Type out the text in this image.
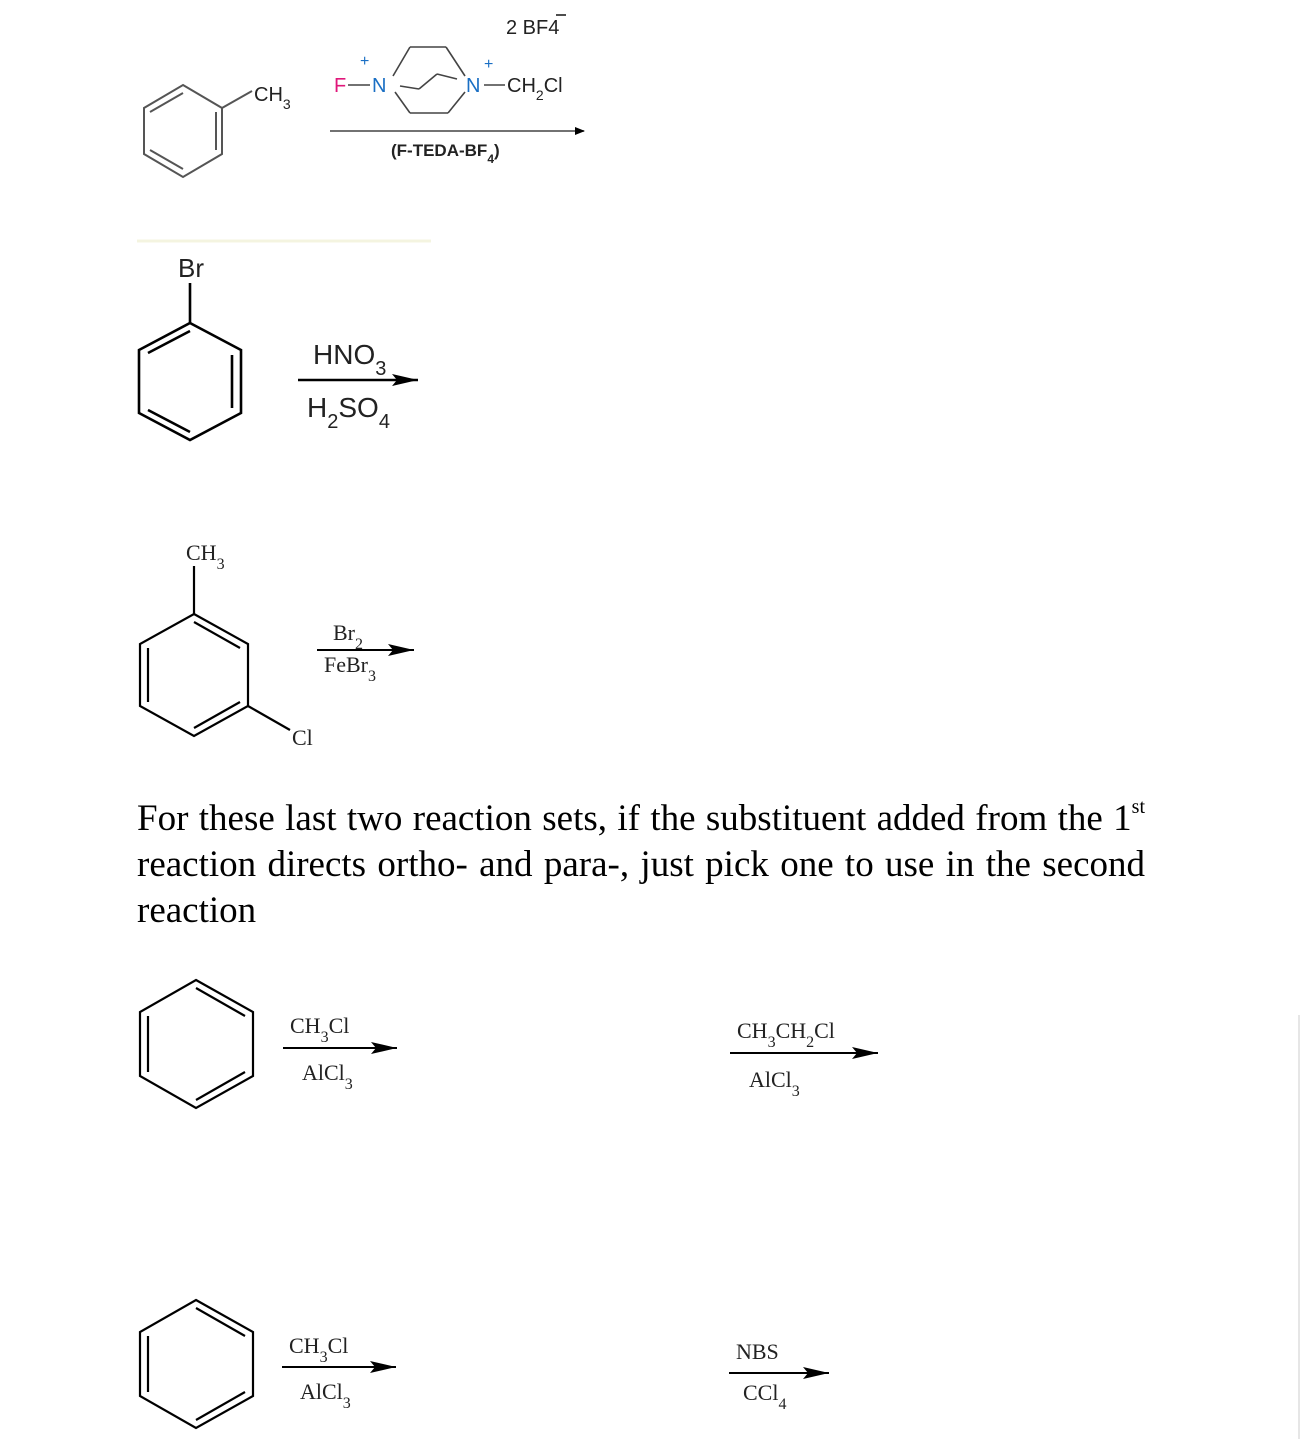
$CH_3$
+	+
F N	N $CH_2Cl$
2 BF4
$(F-TEDA-BF_4)$
Br
$HNO_3$
$H_2SO_4$
$CH_3$
Cl
$Br_2$
FeBr$_3$
$CH_3Cl$
AlCl$_3$
$CH_3CH_2Cl$
AlCl$_3$
$CH_3Cl$
AlCl$_3$
NBS
CCl$_4$
For these last two reaction sets, if the substituent added from the 1st reaction directs ortho- and para-, just pick one to use in the second reaction
